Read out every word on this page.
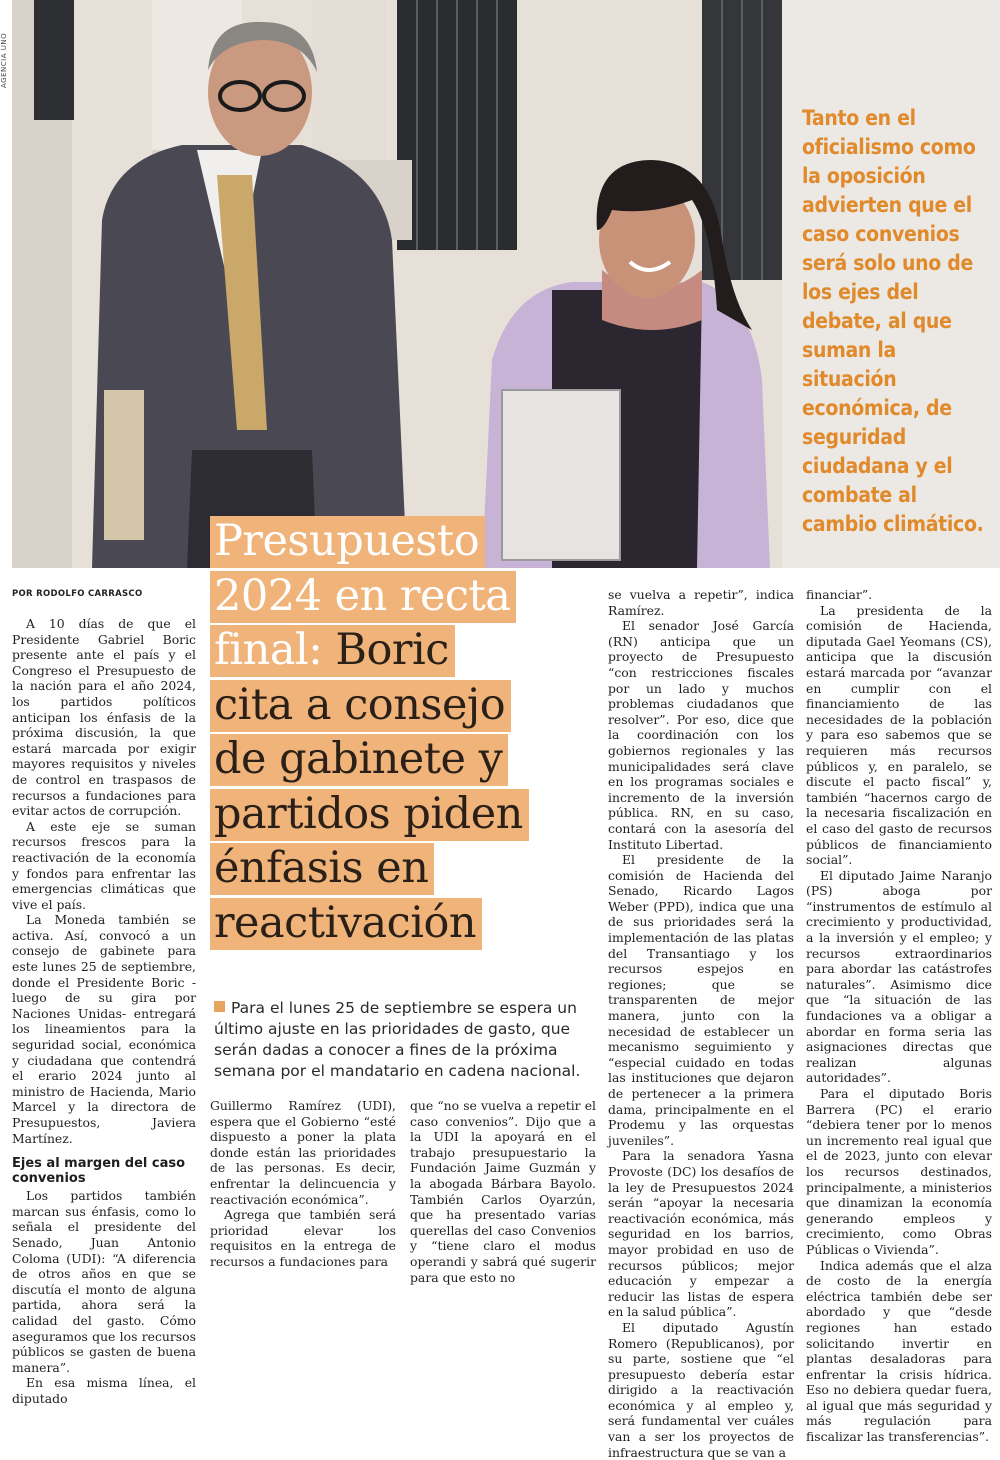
AGENCIA UNO
Tanto en el oficialismo como la oposición advierten que el caso convenios será solo uno de los ejes del debate, al que suman la situación económica, de seguridad ciudadana y el combate al cambio climático.
Presupuesto
2024 en recta
final: Boric
cita a consejo
de gabinete y
partidos piden
énfasis en
reactivación
POR RODOLFO CARRASCO

A 10 días de que el Presidente Gabriel Boric presente ante el país y el Congreso el Presupuesto de la nación para el año 2024, los partidos políticos anticipan los énfasis de la próxima discusión, la que estará marcada por exigir mayores requisitos y niveles de control en traspasos de recursos a fundaciones para evitar actos de corrupción.

A este eje se suman recursos frescos para la reactivación de la economía y fondos para enfrentar las emergencias climáticas que vive el país.

La Moneda también se activa. Así, convocó a un consejo de gabinete para este lunes 25 de septiembre, donde el Presidente Boric -luego de su gira por Naciones Unidas- entregará los lineamientos para la seguridad social, económica y ciudadana que contendrá el erario 2024 junto al ministro de Hacienda, Mario Marcel y la directora de Presupuestos, Javiera Martínez.

Ejes al margen del caso convenios

Los partidos también marcan sus énfasis, como lo señala el presidente del Senado, Juan Antonio Coloma (UDI): “A diferencia de otros años en que se discutía el monto de alguna partida, ahora será la calidad del gasto. Cómo aseguramos que los recursos públicos se gasten de buena manera”.

En esa misma línea, el diputado

Para el lunes 25 de septiembre se espera un último ajuste en las prioridades de gasto, que serán dadas a conocer a fines de la próxima semana por el mandatario en cadena nacional.

Guillermo Ramírez (UDI), espera que el Gobierno “esté dispuesto a poner la plata donde están las prioridades de las personas. Es decir, enfrentar la delincuencia y reactivación económica”.

Agrega que también será prioridad elevar los requisitos en la entrega de recursos a fundaciones para

que “no se vuelva a repetir el caso convenios”. Dijo que a la UDI la apoyará en el trabajo presupuestario la Fundación Jaime Guzmán y la abogada Bárbara Bayolo. También Carlos Oyarzún, que ha presentado varias querellas del caso Convenios y “tiene claro el modus operandi y sabrá qué sugerir para que esto no

se vuelva a repetir”, indica Ramírez.

El senador José García (RN) anticipa que un proyecto de Presupuesto “con restricciones fiscales por un lado y muchos problemas ciudadanos que resolver”. Por eso, dice que la coordinación con los gobiernos regionales y las municipalidades será clave en los programas sociales e incremento de la inversión pública. RN, en su caso, contará con la asesoría del Instituto Libertad.

El presidente de la comisión de Hacienda del Senado, Ricardo Lagos Weber (PPD), indica que una de sus prioridades será la implementación de las platas del Transantiago y los recursos espejos en regiones; que se transparenten de mejor manera, junto con la necesidad de establecer un mecanismo seguimiento y “especial cuidado en todas las instituciones que dejaron de pertenecer a la primera dama, principalmente en el Prodemu y las orquestas juveniles”.

Para la senadora Yasna Provoste (DC) los desafíos de la ley de Presupuestos 2024 serán “apoyar la necesaria reactivación económica, más seguridad en los barrios, mayor probidad en uso de recursos públicos; mejor educación y empezar a reducir las listas de espera en la salud pública”.

El diputado Agustín Romero (Republicanos), por su parte, sostiene que “el presupuesto debería estar dirigido a la reactivación económica y al empleo y, será fundamental ver cuáles van a ser los proyectos de infraestructura que se van a

financiar”.

La presidenta de la comisión de Hacienda, diputada Gael Yeomans (CS), anticipa que la discusión estará marcada por “avanzar en cumplir con el financiamiento de las necesidades de la población y para eso sabemos que se requieren más recursos públicos y, en paralelo, se discute el pacto fiscal” y, también “hacernos cargo de la necesaria fiscalización en el caso del gasto de recursos públicos de financiamiento social”.

El diputado Jaime Naranjo (PS) aboga por “instrumentos de estímulo al crecimiento y productividad, a la inversión y el empleo; y recursos extraordinarios para abordar las catástrofes naturales”. Asimismo dice que “la situación de las fundaciones va a obligar a abordar en forma seria las asignaciones directas que realizan algunas autoridades”.

Para el diputado Boris Barrera (PC) el erario “debiera tener por lo menos un incremento real igual que el de 2023, junto con elevar los recursos destinados, principalmente, a ministerios que dinamizan la economía generando empleos y crecimiento, como Obras Públicas o Vivienda”.

Indica además que el alza de costo de la energía eléctrica también debe ser abordado y que “desde regiones han estado solicitando invertir en plantas desaladoras para enfrentar la crisis hídrica. Eso no debiera quedar fuera, al igual que más seguridad y más regulación para fiscalizar las transferencias”.
